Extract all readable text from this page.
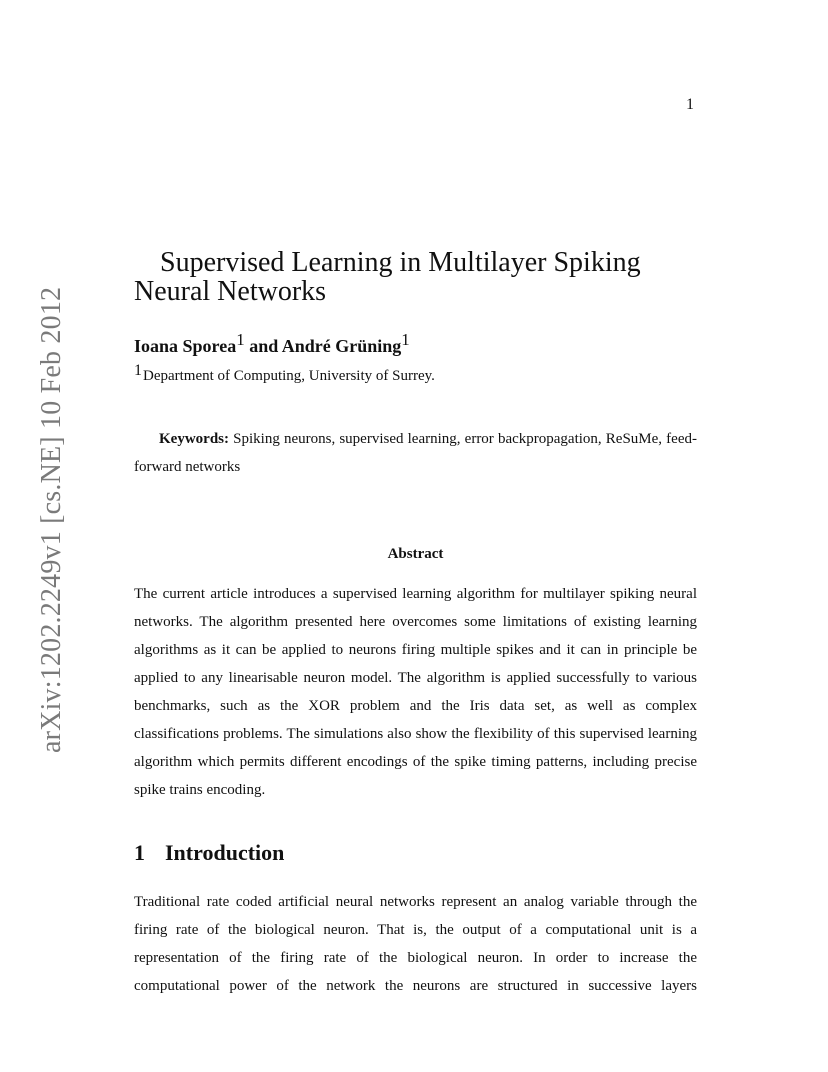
1
arXiv:1202.2249v1 [cs.NE] 10 Feb 2012
Supervised Learning in Multilayer Spiking Neural Networks
Ioana Sporea$^1$ and André Grüning$^1$
$^1$Department of Computing, University of Surrey.

Keywords: Spiking neurons, supervised learning, error backpropagation, ReSuMe, feed-forward networks

Abstract

The current article introduces a supervised learning algorithm for multilayer spiking neural networks. The algorithm presented here overcomes some limitations of existing learning algorithms as it can be applied to neurons firing multiple spikes and it can in principle be applied to any linearisable neuron model. The algorithm is applied successfully to various benchmarks, such as the XOR problem and the Iris data set, as well as complex classifications problems. The simulations also show the flexibility of this supervised learning algorithm which permits different encodings of the spike timing patterns, including precise spike trains encoding.

1 Introduction

Traditional rate coded artificial neural networks represent an analog variable through the firing rate of the biological neuron. That is, the output of a computational unit is a representation of the firing rate of the biological neuron. In order to increase the computational power of the network the neurons are structured in successive layers
